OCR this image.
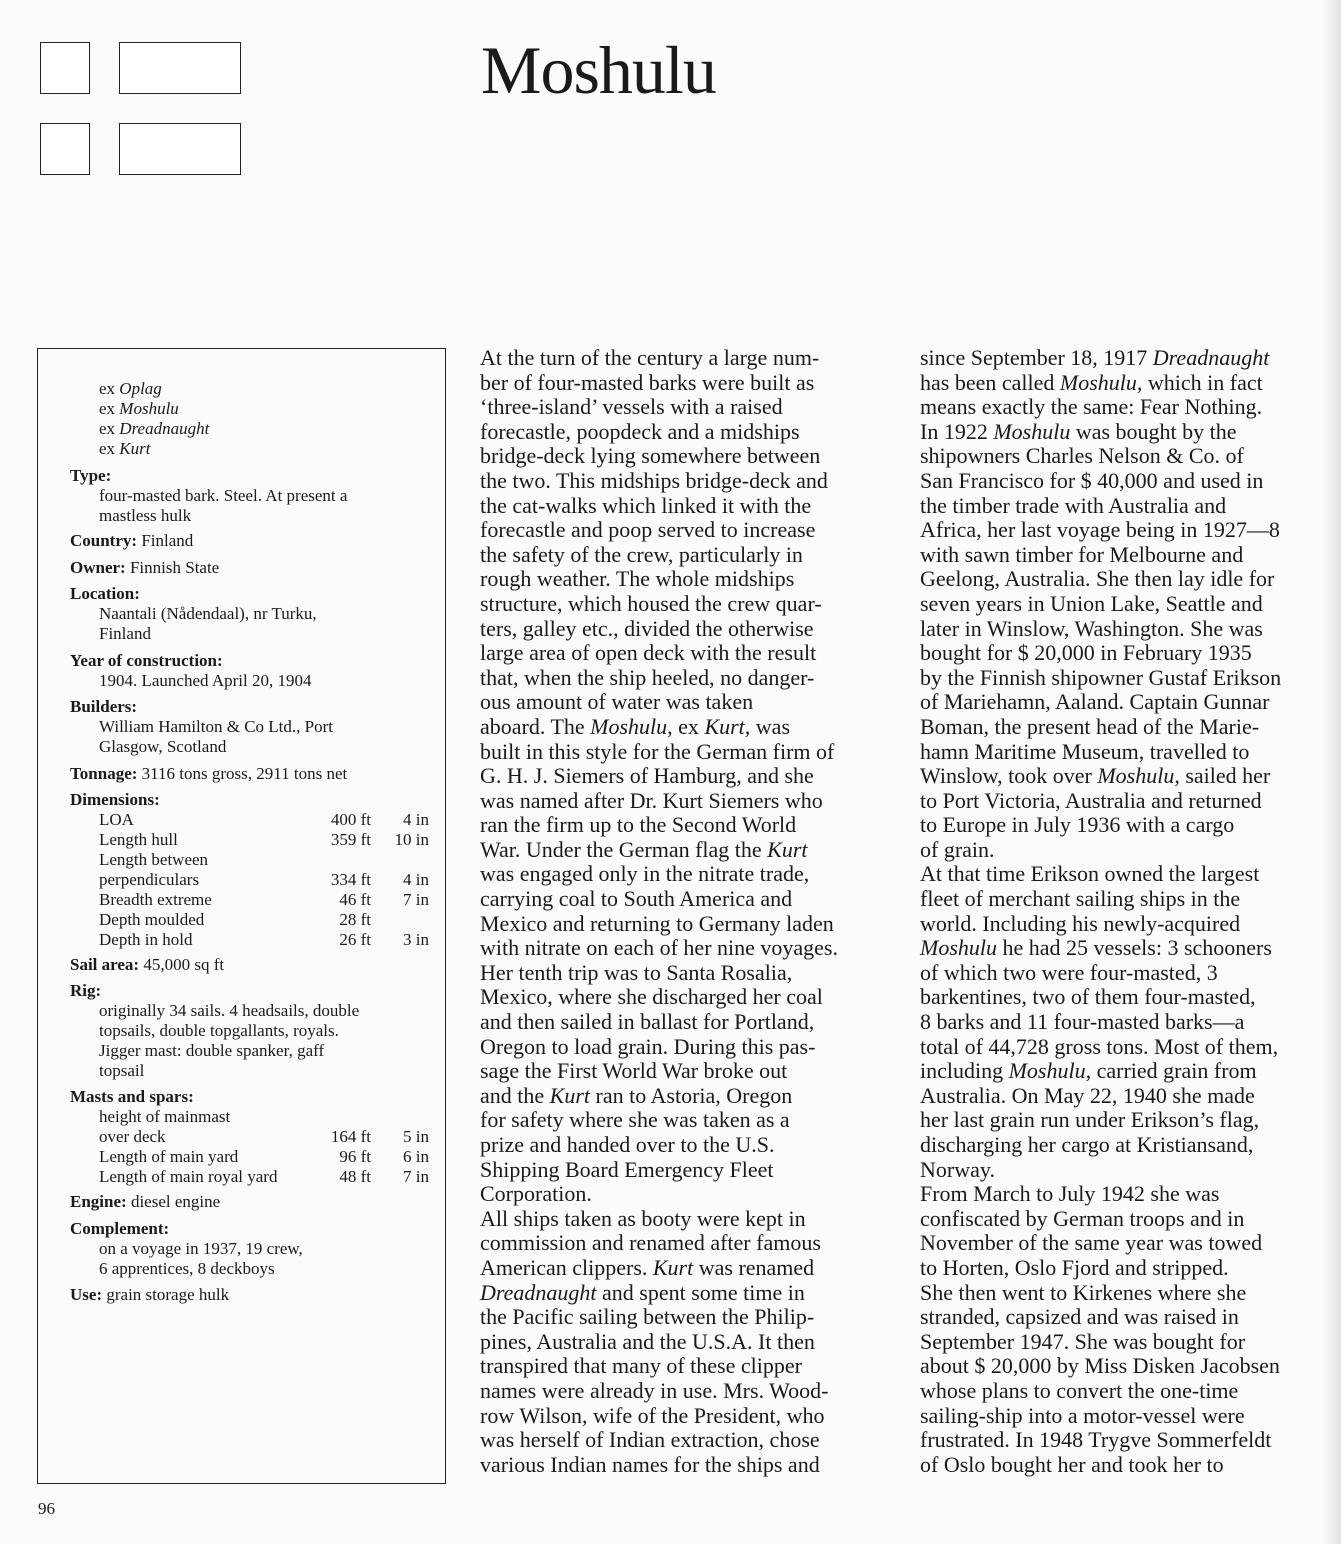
Moshulu
ex Oplag
ex Moshulu
ex Dreadnaught
ex Kurt
Type:
four-masted bark. Steel. At present a
mastless hulk
Country: Finland
Owner: Finnish State
Location:
Naantali (Nådendaal), nr Turku,
Finland
Year of construction:
1904. Launched April 20, 1904
Builders:
William Hamilton & Co Ltd., Port
Glasgow, Scotland
Tonnage: 3116 tons gross, 2911 tons net
Dimensions:
LOA	400 ft 4 in
Length hull	359 ft 10 in
Length between
perpendiculars	334 ft 4 in
Breadth extreme	46 ft 7 in
Depth moulded	28 ft
Depth in hold	26 ft 3 in
Sail area: 45,000 sq ft
Rig:
originally 34 sails. 4 headsails, double
topsails, double topgallants, royals.
Jigger mast: double spanker, gaff
topsail
Masts and spars:
height of mainmast
over deck	164 ft 5 in
Length of main yard	96 ft 6 in
Length of main royal yard	48 ft 7 in
Engine: diesel engine
Complement:
on a voyage in 1937, 19 crew,
6 apprentices, 8 deckboys
Use: grain storage hulk
At the turn of the century a large num-
ber of four-masted barks were built as
‘three-island’ vessels with a raised
forecastle, poopdeck and a midships
bridge-deck lying somewhere between
the two. This midships bridge-deck and
the cat-walks which linked it with the
forecastle and poop served to increase
the safety of the crew, particularly in
rough weather. The whole midships
structure, which housed the crew quar-
ters, galley etc., divided the otherwise
large area of open deck with the result
that, when the ship heeled, no danger-
ous amount of water was taken
aboard. The Moshulu, ex Kurt, was
built in this style for the German firm of
G. H. J. Siemers of Hamburg, and she
was named after Dr. Kurt Siemers who
ran the firm up to the Second World
War. Under the German flag the Kurt
was engaged only in the nitrate trade,
carrying coal to South America and
Mexico and returning to Germany laden
with nitrate on each of her nine voyages.
Her tenth trip was to Santa Rosalia,
Mexico, where she discharged her coal
and then sailed in ballast for Portland,
Oregon to load grain. During this pas-
sage the First World War broke out
and the Kurt ran to Astoria, Oregon
for safety where she was taken as a
prize and handed over to the U.S.
Shipping Board Emergency Fleet
Corporation.
All ships taken as booty were kept in
commission and renamed after famous
American clippers. Kurt was renamed
Dreadnaught and spent some time in
the Pacific sailing between the Philip-
pines, Australia and the U.S.A. It then
transpired that many of these clipper
names were already in use. Mrs. Wood-
row Wilson, wife of the President, who
was herself of Indian extraction, chose
various Indian names for the ships and
since September 18, 1917 Dreadnaught
has been called Moshulu, which in fact
means exactly the same: Fear Nothing.
In 1922 Moshulu was bought by the
shipowners Charles Nelson & Co. of
San Francisco for $ 40,000 and used in
the timber trade with Australia and
Africa, her last voyage being in 1927—8
with sawn timber for Melbourne and
Geelong, Australia. She then lay idle for
seven years in Union Lake, Seattle and
later in Winslow, Washington. She was
bought for $ 20,000 in February 1935
by the Finnish shipowner Gustaf Erikson
of Mariehamn, Aaland. Captain Gunnar
Boman, the present head of the Marie-
hamn Maritime Museum, travelled to
Winslow, took over Moshulu, sailed her
to Port Victoria, Australia and returned
to Europe in July 1936 with a cargo
of grain.
At that time Erikson owned the largest
fleet of merchant sailing ships in the
world. Including his newly-acquired
Moshulu he had 25 vessels: 3 schooners
of which two were four-masted, 3
barkentines, two of them four-masted,
8 barks and 11 four-masted barks—a
total of 44,728 gross tons. Most of them,
including Moshulu, carried grain from
Australia. On May 22, 1940 she made
her last grain run under Erikson’s flag,
discharging her cargo at Kristiansand,
Norway.
From March to July 1942 she was
confiscated by German troops and in
November of the same year was towed
to Horten, Oslo Fjord and stripped.
She then went to Kirkenes where she
stranded, capsized and was raised in
September 1947. She was bought for
about $ 20,000 by Miss Disken Jacobsen
whose plans to convert the one-time
sailing-ship into a motor-vessel were
frustrated. In 1948 Trygve Sommerfeldt
of Oslo bought her and took her to
96
